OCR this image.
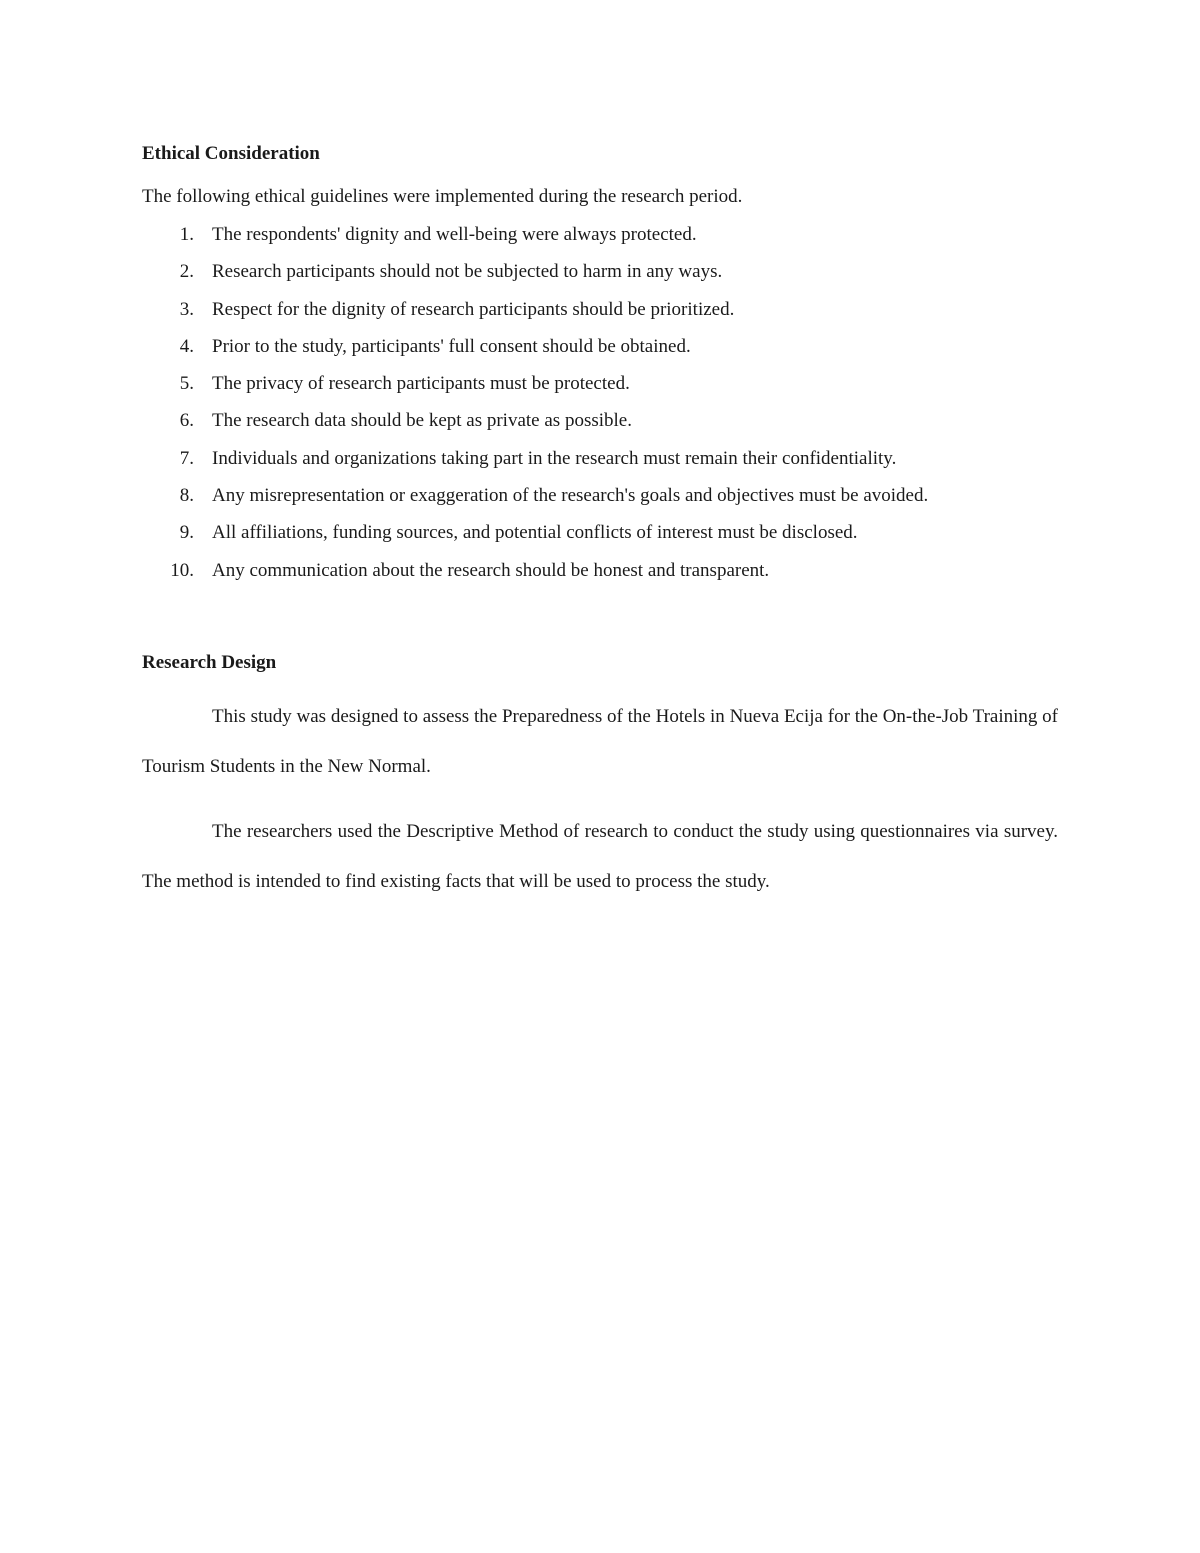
Ethical Consideration

The following ethical guidelines were implemented during the research period.

1. The respondents' dignity and well-being were always protected.
2. Research participants should not be subjected to harm in any ways.
3. Respect for the dignity of research participants should be prioritized.
4. Prior to the study, participants' full consent should be obtained.
5. The privacy of research participants must be protected.
6. The research data should be kept as private as possible.
7. Individuals and organizations taking part in the research must remain their confidentiality.
8. Any misrepresentation or exaggeration of the research's goals and objectives must be avoided.
9. All affiliations, funding sources, and potential conflicts of interest must be disclosed.
10. Any communication about the research should be honest and transparent.
Research Design

This study was designed to assess the Preparedness of the Hotels in Nueva Ecija for the On-the-Job Training of Tourism Students in the New Normal.

The researchers used the Descriptive Method of research to conduct the study using questionnaires via survey. The method is intended to find existing facts that will be used to process the study.
